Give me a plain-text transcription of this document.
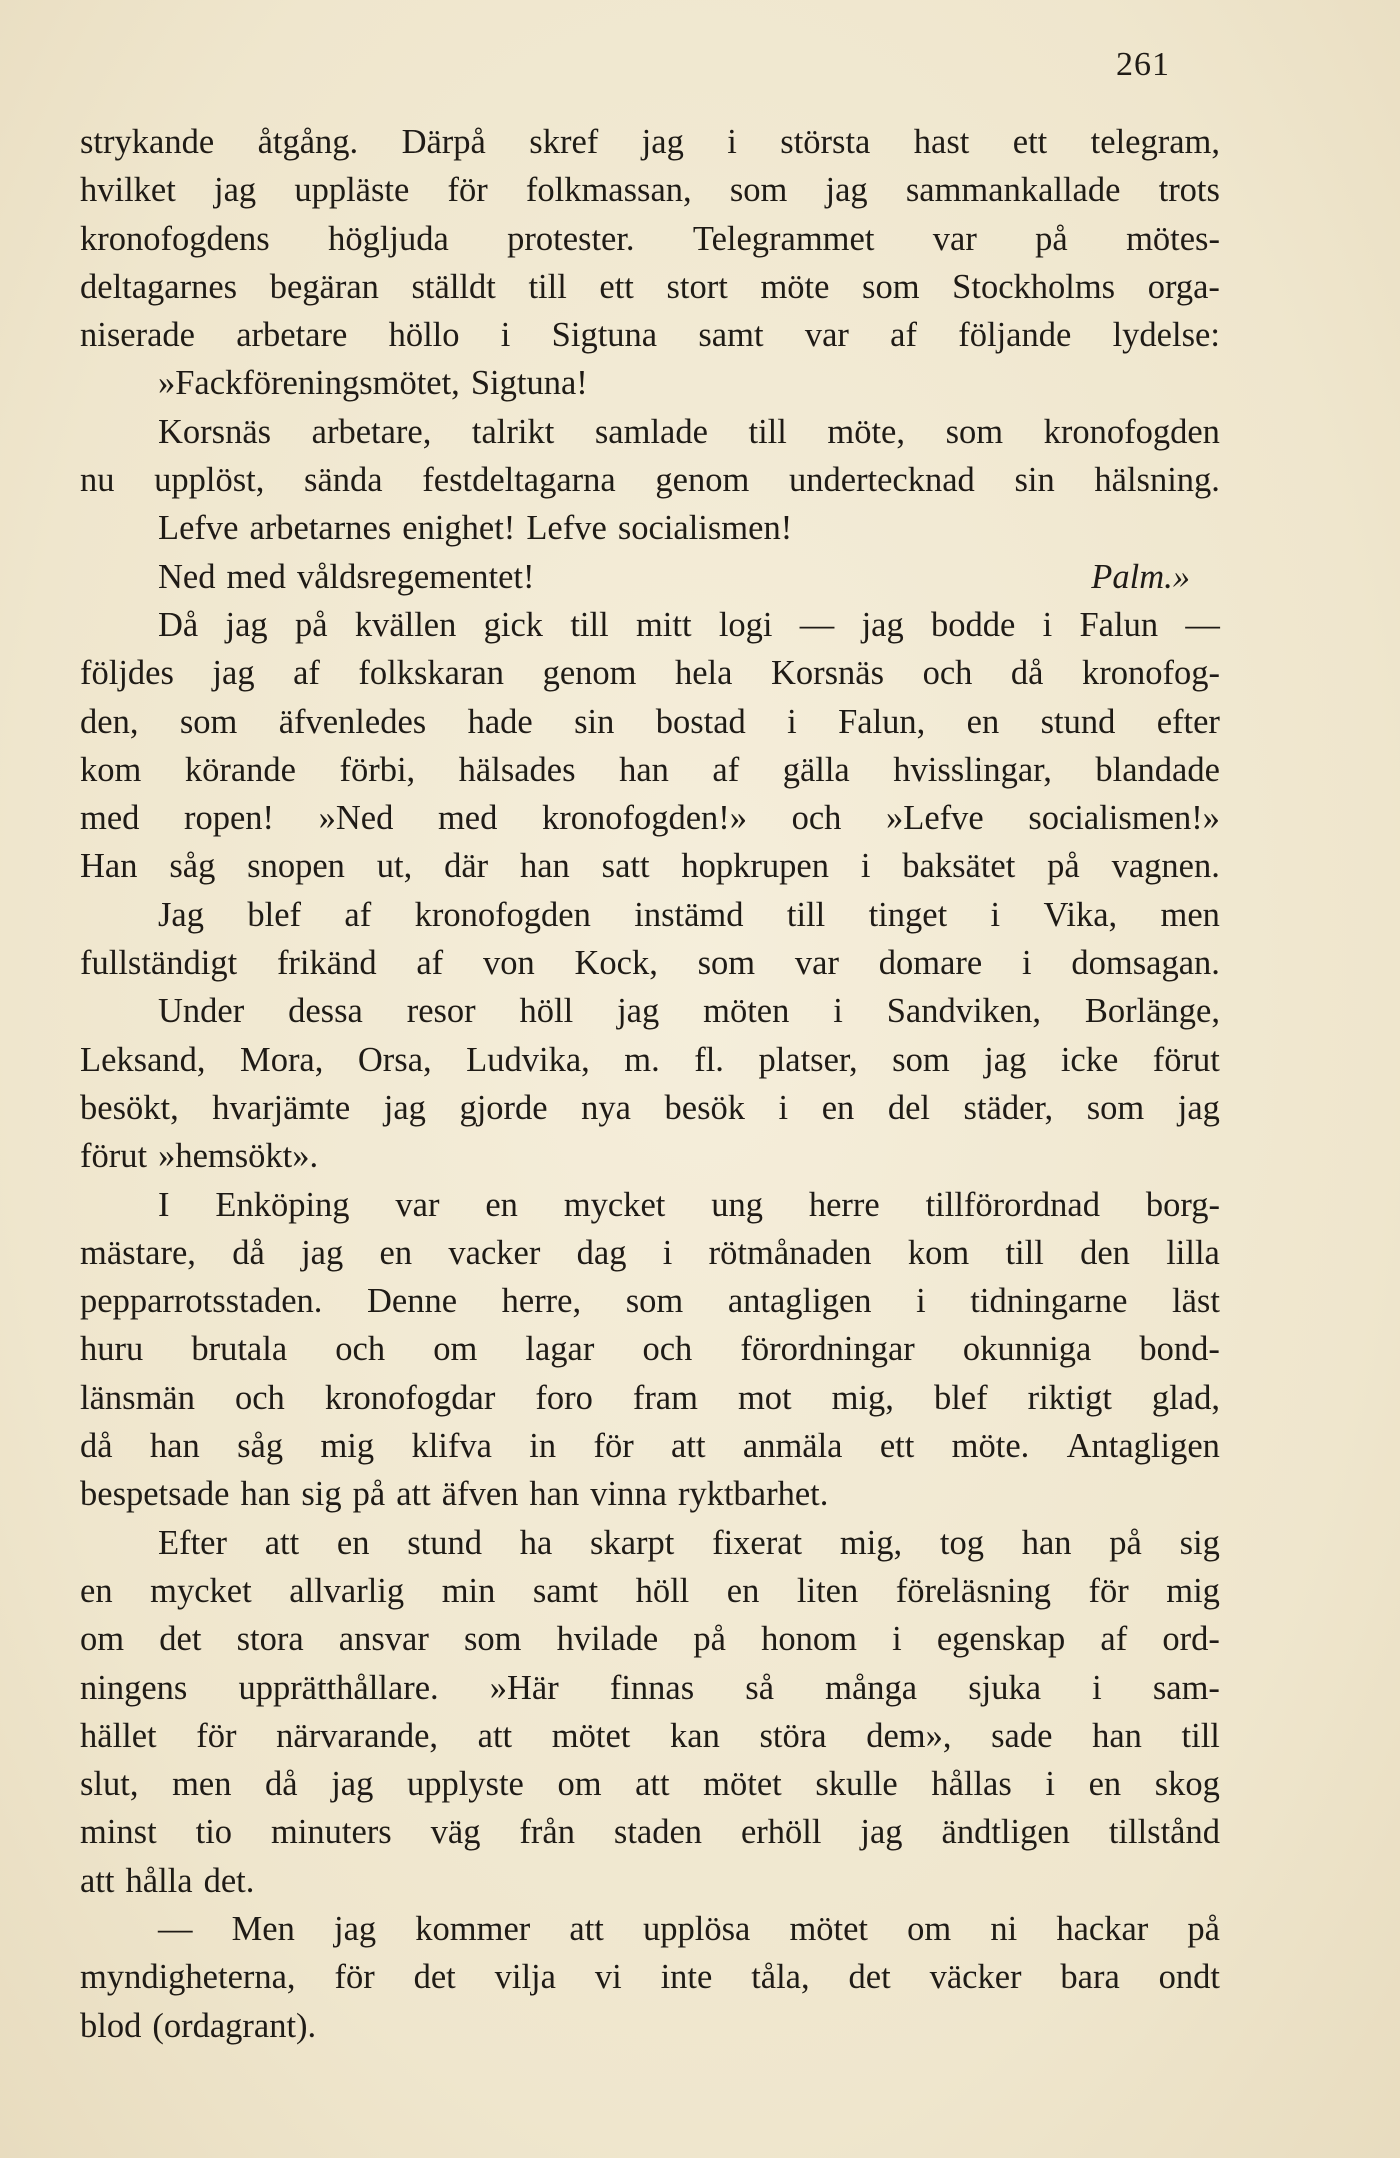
261
strykande åtgång. Därpå skref jag i största hast ett telegram,
hvilket jag uppläste för folkmassan, som jag sammankallade trots
kronofogdens högljuda protester. Telegrammet var på mötes-
deltagarnes begäran ställdt till ett stort möte som Stockholms orga-
niserade arbetare höllo i Sigtuna samt var af följande lydelse:
»Fackföreningsmötet, Sigtuna!
Korsnäs arbetare, talrikt samlade till möte, som kronofogden
nu upplöst, sända festdeltagarna genom undertecknad sin hälsning.
Lefve arbetarnes enighet! Lefve socialismen!
Ned med våldsregementet!	Palm.»
Då jag på kvällen gick till mitt logi — jag bodde i Falun —
följdes jag af folkskaran genom hela Korsnäs och då kronofog-
den, som äfvenledes hade sin bostad i Falun, en stund efter
kom körande förbi, hälsades han af gälla hvisslingar, blandade
med ropen! »Ned med kronofogden!» och »Lefve socialismen!»
Han såg snopen ut, där han satt hopkrupen i baksätet på vagnen.
Jag blef af kronofogden instämd till tinget i Vika, men
fullständigt frikänd af von Kock, som var domare i domsagan.
Under dessa resor höll jag möten i Sandviken, Borlänge,
Leksand, Mora, Orsa, Ludvika, m. fl. platser, som jag icke förut
besökt, hvarjämte jag gjorde nya besök i en del städer, som jag
förut »hemsökt».
I Enköping var en mycket ung herre tillförordnad borg-
mästare, då jag en vacker dag i rötmånaden kom till den lilla
pepparrotsstaden. Denne herre, som antagligen i tidningarne läst
huru brutala och om lagar och förordningar okunniga bond-
länsmän och kronofogdar foro fram mot mig, blef riktigt glad,
då han såg mig klifva in för att anmäla ett möte. Antagligen
bespetsade han sig på att äfven han vinna ryktbarhet.
Efter att en stund ha skarpt fixerat mig, tog han på sig
en mycket allvarlig min samt höll en liten föreläsning för mig
om det stora ansvar som hvilade på honom i egenskap af ord-
ningens upprätthållare. »Här finnas så många sjuka i sam-
hället för närvarande, att mötet kan störa dem», sade han till
slut, men då jag upplyste om att mötet skulle hållas i en skog
minst tio minuters väg från staden erhöll jag ändtligen tillstånd
att hålla det.
— Men jag kommer att upplösa mötet om ni hackar på
myndigheterna, för det vilja vi inte tåla, det väcker bara ondt
blod (ordagrant).
